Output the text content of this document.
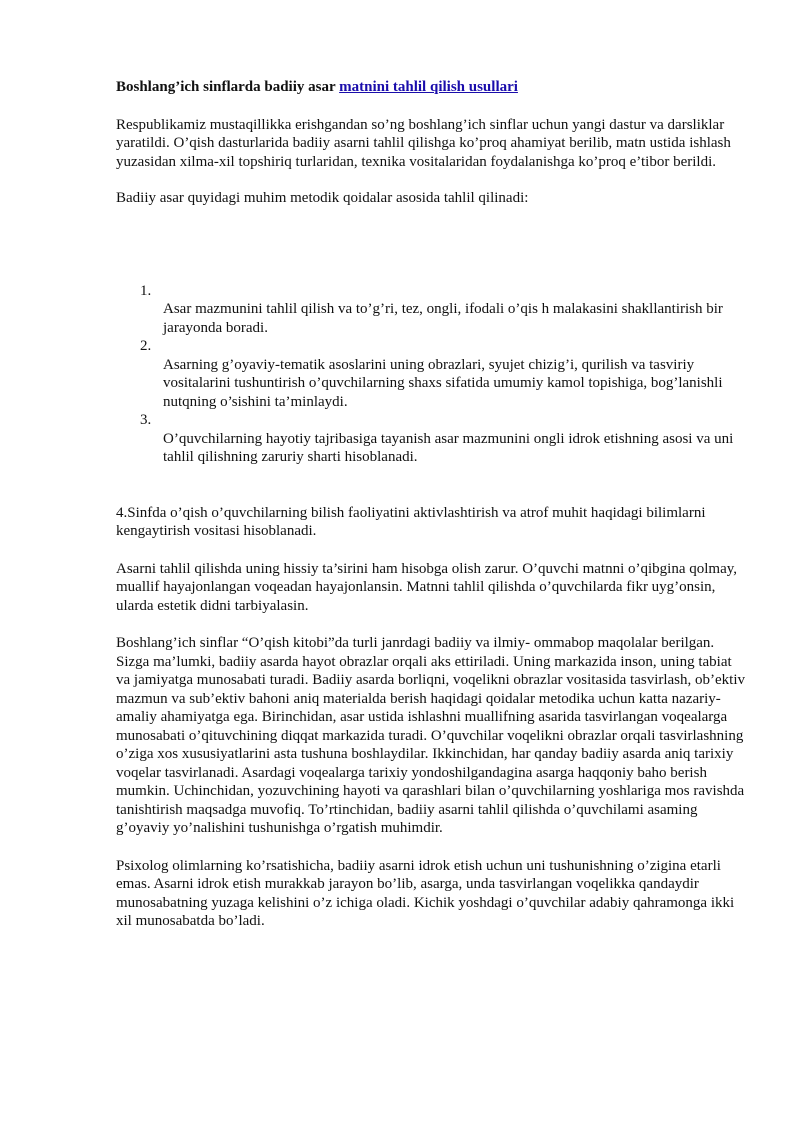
Boshlang’ich sinflarda badiiy asar matnini tahlil qilish usullari

Respublikamiz mustaqillikka erishgandan so’ng boshlang’ich sinflar uchun yangi dastur va darsliklar yaratildi. O’qish dasturlarida badiiy asarni tahlil qilishga ko’proq ahamiyat berilib, matn ustida ishlash yuzasidan xilma-xil topshiriq turlaridan, texnika vositalaridan foydalanishga ko’proq e’tibor berildi.

Badiiy asar quyidagi muhim metodik qoidalar asosida tahlil qilinadi:

1.
Asar mazmunini tahlil qilish va to’g’ri, tez, ongli, ifodali o’qis h malakasini shakllantirish bir jarayonda boradi.
2.
Asarning g’oyaviy-tematik asoslarini uning obrazlari, syujet chizig’i, qurilish va tasviriy vositalarini tushuntirish o’quvchilarning shaxs sifatida umumiy kamol topishiga, bog’lanishli nutqning o’sishini ta’minlaydi.
3.
O’quvchilarning hayotiy tajribasiga tayanish asar mazmunini ongli idrok etishning asosi va uni tahlil qilishning zaruriy sharti hisoblanadi.

4.Sinfda o’qish o’quvchilarning bilish faoliyatini aktivlashtirish va atrof muhit haqidagi bilimlarni kengaytirish vositasi hisoblanadi.

Asarni tahlil qilishda uning hissiy ta’sirini ham hisobga olish zarur. O’quvchi matnni o’qibgina qolmay, muallif hayajonlangan voqeadan hayajonlansin. Matnni tahlil qilishda o’quvchilarda fikr uyg’onsin, ularda estetik didni tarbiyalasin.

Boshlang’ich sinflar “O’qish kitobi”da turli janrdagi badiiy va ilmiy- ommabop maqolalar berilgan. Sizga ma’lumki, badiiy asarda hayot obrazlar orqali aks ettiriladi. Uning markazida inson, uning tabiat va jamiyatga munosabati turadi. Badiiy asarda borliqni, voqelikni obrazlar vositasida tasvirlash, ob’ektiv mazmun va sub’ektiv bahoni aniq materialda berish haqidagi qoidalar metodika uchun katta nazariy-amaliy ahamiyatga ega. Birinchidan, asar ustida ishlashni muallifning asarida tasvirlangan voqealarga munosabati o’qituvchining diqqat markazida turadi. O’quvchilar voqelikni obrazlar orqali tasvirlashning o’ziga xos xususiyatlarini asta tushuna boshlaydilar. Ikkinchidan, har qanday badiiy asarda aniq tarixiy voqelar tasvirlanadi. Asardagi voqealarga tarixiy yondoshilgandagina asarga haqqoniy baho berish mumkin. Uchinchidan, yozuvchining hayoti va qarashlari bilan o’quvchilarning yoshlariga mos ravishda tanishtirish maqsadga muvofiq. To’rtinchidan, badiiy asarni tahlil qilishda o’quvchilami asaming g’oyaviy yo’nalishini tushunishga o’rgatish muhimdir.

Psixolog olimlarning ko’rsatishicha, badiiy asarni idrok etish uchun uni tushunishning o’zigina etarli emas. Asarni idrok etish murakkab jarayon bo’lib, asarga, unda tasvirlangan voqelikka qandaydir munosabatning yuzaga kelishini o’z ichiga oladi. Kichik yoshdagi o’quvchilar adabiy qahramonga ikki xil munosabatda bo’ladi.
